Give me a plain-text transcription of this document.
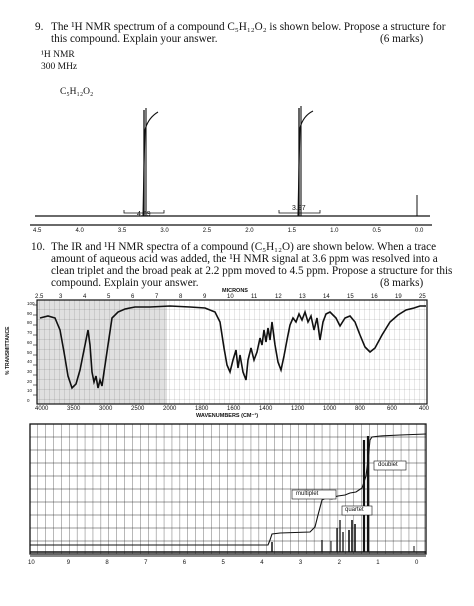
9. The ¹H NMR spectrum of a compound C₅H₁₂O₂ is shown below. Propose a structure for
this compound. Explain your answer.	(6 marks)
¹H NMR
300 MHz
C₅H₁₂O₂
4.09
3.97
4.5	4.0	3.5	3.0	2.5	2.0	1.5	1.0	0.5	0.0
10. The IR and ¹H NMR spectra of a compound (C₅H₁₂O) are shown below. When a trace
amount of aqueous acid was added, the ¹H NMR signal at 3.6 ppm was resolved into a
clean triplet and the broad peak at 2.2 ppm moved to 4.5 ppm. Propose a structure for this
compound. Explain your answer.	(8 marks)
MICRONS
2.5	3	4	5	6	7	8	9	10	11	12	13	14	15	16	19	25
4000	3500	3000	2500	2000	1800	1600	1400	1200	1000	800	600	400
100
90
80
70
60
50
40
30
20
10
0
WAVENUMBERS (CM⁻¹)
% TRANSMITTANCE
doublet
multiplet
quartet
10	9	8	7	6	5	4	3	2	1	0
